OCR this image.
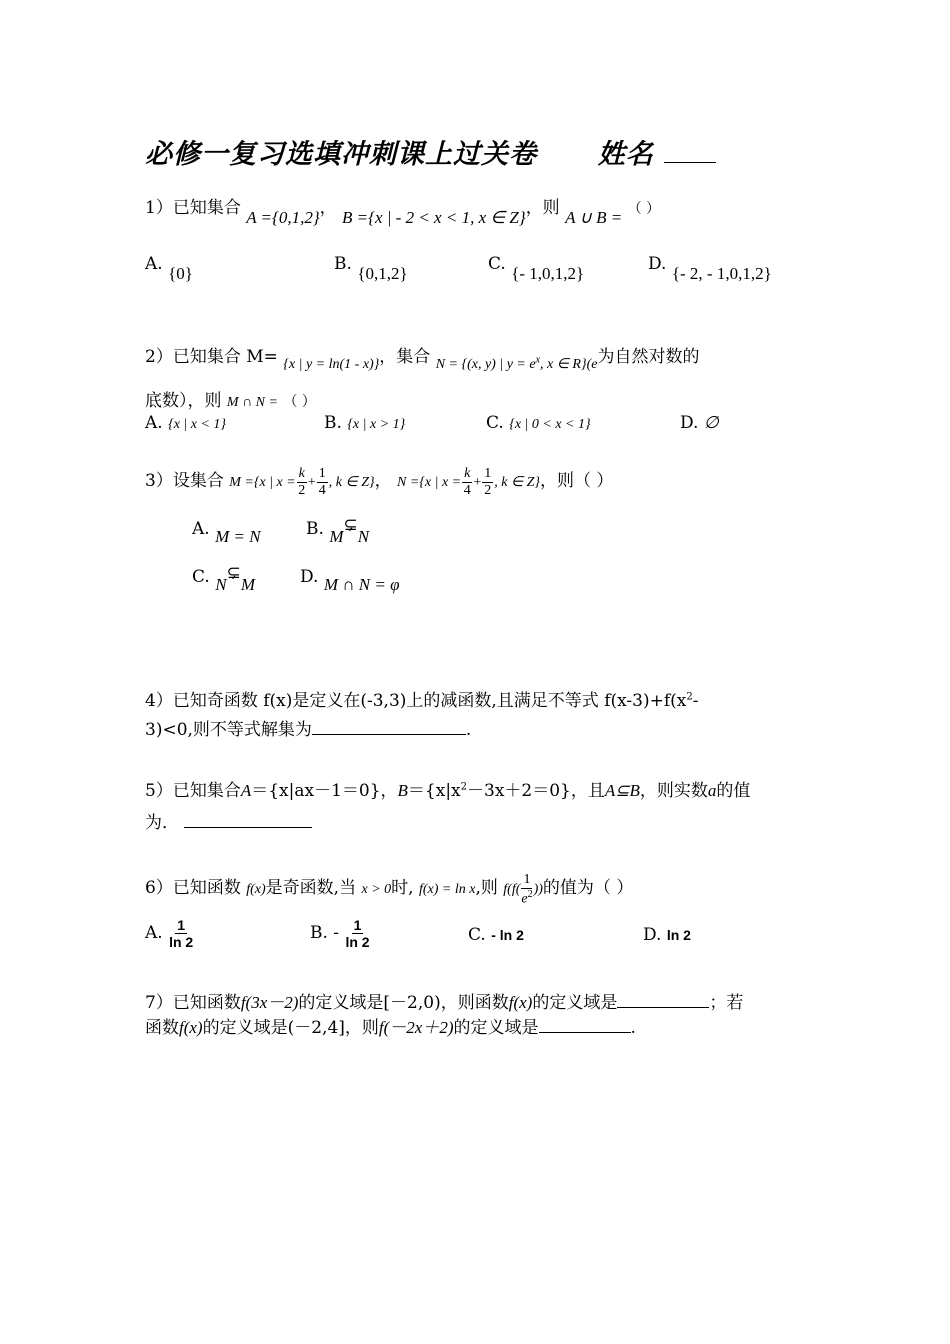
必修一复习选填冲刺课上过关卷 姓名
1）已知集合 A ={0,1,2}， B ={x | - 2 < x < 1, x ∈ Z}，则 A ∪ B = （ ）
A. {0}	B. {0,1,2}	C. {- 1,0,1,2}	D. {- 2, - 1,0,1,2}
2）已知集合 M= $_{\{x | y = ln(1 - x)\}}$，集合 $_{N = \{(x, y) | y = e^x, x \in R\}(e}$为自然对数的
底数），则 M ∩ N = （ ）
A. {x | x < 1}	B. {x | x > 1}	C. {x | 0 < x < 1}	D. ∅
3）设集合 M ={x | $x = \frac{k}{2} + \frac{1}{4}$ , k ∈ Z}， N ={x | $x = \frac{k}{4} + \frac{1}{2}$ , k ∈ Z}，则（ ）
A. M = N	B. M⊊N
C. N⊊M	D. M ∩ N = φ
4）已知奇函数 f(x)是定义在(-3,3)上的减函数,且满足不等式 $f(x-3)+f(x^2-$
3)<0,则不等式解集为	.
5）已知集合A＝{x|ax－1＝0}，$B=\{x|x^2-3x+2=0\}$，且A⊆B，则实数a的值
为．
6）已知函数 f(x)是奇函数,当 x > 0时, f(x) = ln x,则 $f(f( \frac{1}{e^2}$ ))的值为（ ）
A. $\frac{1}{\ln 2}$	B. - $\frac{1}{\ln 2}$	C. - ln 2	D. ln 2
7）已知函数f(3x－2)的定义域是[－2,0)，则函数f(x)的定义域是	；若
函数f(x)的定义域是(－2,4]，则f(－2x＋2)的定义域是	.
